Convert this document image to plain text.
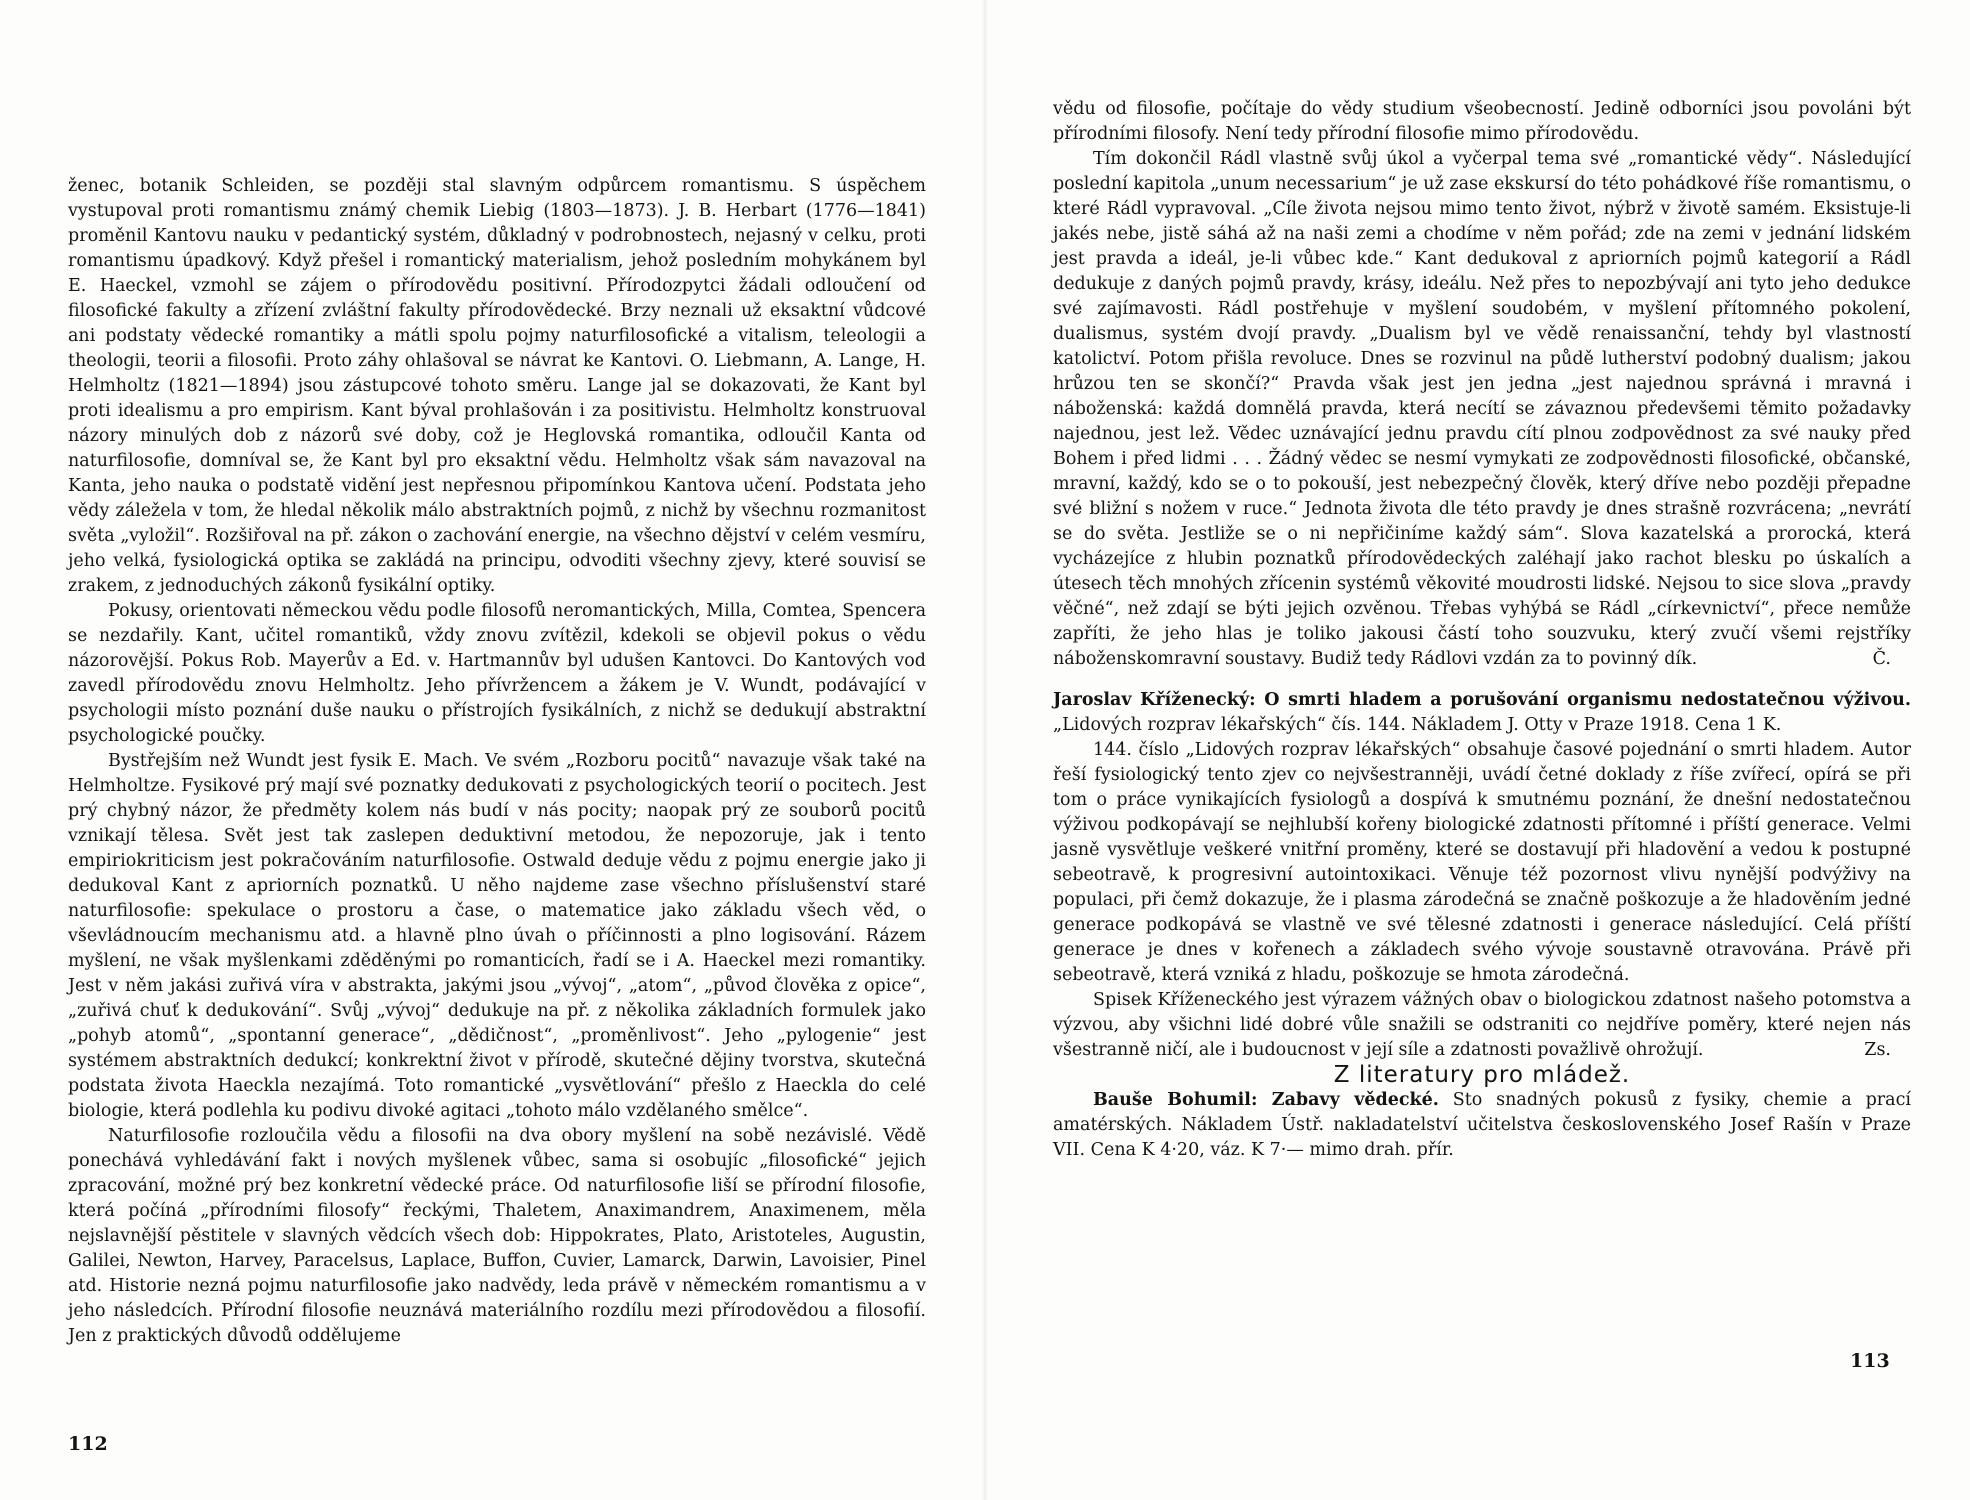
ženec, botanik Schleiden, se později stal slavným odpůrcem romantismu. S úspěchem vystupoval proti romantismu známý chemik Liebig (1803—1873). J. B. Herbart (1776—1841) proměnil Kantovu nauku v pedantický systém, důkladný v podrobnostech, nejasný v celku, proti romantismu úpadkový. Když přešel i romantický materialism, jehož posledním mohykánem byl E. Haeckel, vzmohl se zájem o přírodovědu positivní. Přírodozpytci žádali odloučení od filosofické fakulty a zřízení zvláštní fakulty přírodovědecké. Brzy neznali už eksaktní vůdcové ani podstaty vědecké romantiky a mátli spolu pojmy naturfilosofické a vitalism, teleologii a theologii, teorii a filosofii. Proto záhy ohlašoval se návrat ke Kantovi. O. Liebmann, A. Lange, H. Helmholtz (1821—1894) jsou zástupcové tohoto směru. Lange jal se dokazovati, že Kant byl proti idealismu a pro empirism. Kant býval prohlašován i za positivistu. Helmholtz konstruoval názory minulých dob z názorů své doby, což je Heglovská romantika, odloučil Kanta od naturfilosofie, domníval se, že Kant byl pro eksaktní vědu. Helmholtz však sám navazoval na Kanta, jeho nauka o podstatě vidění jest nepřesnou připomínkou Kantova učení. Podstata jeho vědy záležela v tom, že hledal několik málo abstraktních pojmů, z nichž by všechnu rozmanitost světa „vyložil“. Rozšiřoval na př. zákon o zachování energie, na všechno dějství v celém vesmíru, jeho velká, fysiologická optika se zakládá na principu, odvoditi všechny zjevy, které souvisí se zrakem, z jednoduchých zákonů fysikální optiky.

Pokusy, orientovati německou vědu podle filosofů neromantických, Milla, Comtea, Spencera se nezdařily. Kant, učitel romantiků, vždy znovu zvítězil, kdekoli se objevil pokus o vědu názorovější. Pokus Rob. Mayerův a Ed. v. Hartmannův byl udušen Kantovci. Do Kantových vod zavedl přírodovědu znovu Helmholtz. Jeho přívržencem a žákem je V. Wundt, podávající v psychologii místo poznání duše nauku o přístrojích fysikálních, z nichž se dedukují abstraktní psychologické poučky.

Bystřejším než Wundt jest fysik E. Mach. Ve svém „Rozboru pocitů“ navazuje však také na Helmholtze. Fysikové prý mají své poznatky dedukovati z psychologických teorií o pocitech. Jest prý chybný názor, že předměty kolem nás budí v nás pocity; naopak prý ze souborů pocitů vznikají tělesa. Svět jest tak zaslepen deduktivní metodou, že nepozoruje, jak i tento empiriokriticism jest pokračováním naturfilosofie. Ostwald deduje vědu z pojmu energie jako ji dedukoval Kant z apriorních poznatků. U něho najdeme zase všechno příslušenství staré naturfilosofie: spekulace o prostoru a čase, o matematice jako základu všech věd, o vševládnoucím mechanismu atd. a hlavně plno úvah o příčinnosti a plno logisování. Rázem myšlení, ne však myšlenkami zděděnými po romanticích, řadí se i A. Haeckel mezi romantiky. Jest v něm jakási zuřivá víra v abstrakta, jakými jsou „vývoj“, „atom“, „původ člověka z opice“, „zuřivá chuť k dedukování“. Svůj „vývoj“ dedukuje na př. z několika základních formulek jako „pohyb atomů“, „spontanní generace“, „dědičnost“, „proměnlivost“. Jeho „pylogenie“ jest systémem abstraktních dedukcí; konkrektní život v přírodě, skutečné dějiny tvorstva, skutečná podstata života Haeckla nezajímá. Toto romantické „vysvětlování“ přešlo z Haeckla do celé biologie, která podlehla ku podivu divoké agitaci „tohoto málo vzdělaného smělce“.

Naturfilosofie rozloučila vědu a filosofii na dva obory myšlení na sobě nezávislé. Vědě ponechává vyhledávání fakt i nových myšlenek vůbec, sama si osobujíc „filosofické“ jejich zpracování, možné prý bez konkretní vědecké práce. Od naturfilosofie liší se přírodní filosofie, která počíná „přírodními filosofy“ řeckými, Thaletem, Anaximandrem, Anaximenem, měla nejslavnější pěstitele v slavných vědcích všech dob: Hippokrates, Plato, Aristoteles, Augustin, Galilei, Newton, Harvey, Paracelsus, Laplace, Buffon, Cuvier, Lamarck, Darwin, Lavoisier, Pinel atd. Historie nezná pojmu naturfilosofie jako nadvědy, leda právě v německém romantismu a v jeho následcích. Přírodní filosofie neuznává materiálního rozdílu mezi přírodovědou a filosofií. Jen z praktických důvodů oddělujeme

112

vědu od filosofie, počítaje do vědy studium všeobecností. Jedině odborníci jsou povoláni být přírodními filosofy. Není tedy přírodní filosofie mimo přírodovědu.

Tím dokončil Rádl vlastně svůj úkol a vyčerpal tema své „romantické vědy“. Následující poslední kapitola „unum necessarium“ je už zase ekskursí do této pohádkové říše romantismu, o které Rádl vypravoval. „Cíle života nejsou mimo tento život, nýbrž v životě samém. Eksistuje-li jakés nebe, jistě sáhá až na naši zemi a chodíme v něm pořád; zde na zemi v jednání lidském jest pravda a ideál, je-li vůbec kde.“ Kant dedukoval z apriorních pojmů kategorií a Rádl dedukuje z daných pojmů pravdy, krásy, ideálu. Než přes to nepozbývají ani tyto jeho dedukce své zajímavosti. Rádl postřehuje v myšlení soudobém, v myšlení přítomného pokolení, dualismus, systém dvojí pravdy. „Dualism byl ve vědě renaissanční, tehdy byl vlastností katolictví. Potom přišla revoluce. Dnes se rozvinul na půdě lutherství podobný dualism; jakou hrůzou ten se skončí?“ Pravda však jest jen jedna „jest najednou správná i mravná i náboženská: každá domnělá pravda, která necítí se závaznou předevšemi těmito požadavky najednou, jest lež. Vědec uznávající jednu pravdu cítí plnou zodpovědnost za své nauky před Bohem i před lidmi . . . Žádný vědec se nesmí vymykati ze zodpovědnosti filosofické, občanské, mravní, každý, kdo se o to pokouší, jest nebezpečný člověk, který dříve nebo později přepadne své bližní s nožem v ruce.“ Jednota života dle této pravdy je dnes strašně rozvrácena; „nevrátí se do světa. Jestliže se o ni nepřičiníme každý sám“. Slova kazatelská a prorocká, která vycházejíce z hlubin poznatků přírodovědeckých zaléhají jako rachot blesku po úskalích a útesech těch mnohých zřícenin systémů věkovité moudrosti lidské. Nejsou to sice slova „pravdy věčné“, než zdají se býti jejich ozvěnou. Třebas vyhýbá se Rádl „církevnictví“, přece nemůže zapříti, že jeho hlas je tolikо jakousi částí toho souzvuku, který zvučí všemi rejstříky náboženskomravní soustavy. Budiž tedy Rádlovi vzdán za to povinný dík.	Č.

Jaroslav Kříženecký: O smrti hladem a porušování organismu nedostatečnou výživou. „Lidových rozprav lékařských“ čís. 144. Nákladem J. Otty v Praze 1918. Cena 1 K.

144. číslo „Lidových rozprav lékařských“ obsahuje časové pojednání o smrti hladem. Autor řeší fysiologický tento zjev co nejvšestranněji, uvádí četné doklady z říše zvířecí, opírá se při tom o práce vynikajících fysiologů a dospívá k smutnému poznání, že dnešní nedostatečnou výživou podkopávají se nejhlubší kořeny biologické zdatnosti přítomné i příští generace. Velmi jasně vysvětluje veškeré vnitřní proměny, které se dostavují při hladovění a vedou k postupné sebeotravě, k progresivní autointoxikaci. Věnuje též pozornost vlivu nynější podvýživy na populaci, při čemž dokazuje, že i plasma zárodečná se značně poškozuje a že hladověním jedné generace podkopává se vlastně ve své tělesné zdatnosti i generace následující. Celá příští generace je dnes v kořenech a základech svého vývoje soustavně otravována. Právě při sebeotravě, která vzniká z hladu, poškozuje se hmota zárodečná.

Spisek Kříženeckého jest výrazem vážných obav o biologickou zdatnost našeho potomstva a výzvou, aby všichni lidé dobré vůle snažili se odstraniti co nejdříve poměry, které nejen nás všestranně ničí, ale i budoucnost v její síle a zdatnosti považlivě ohrožují.	Zs.

Z literatury pro mládež.

Bauše Bohumil: Zabavy vědecké. Sto snadných pokusů z fysiky, chemie a prací amatérských. Nákladem Ústř. nakladatelství učitelstva československého Josef Rašín v Praze VII. Cena K 4·20, váz. K 7·— mimo drah. přír.

113
